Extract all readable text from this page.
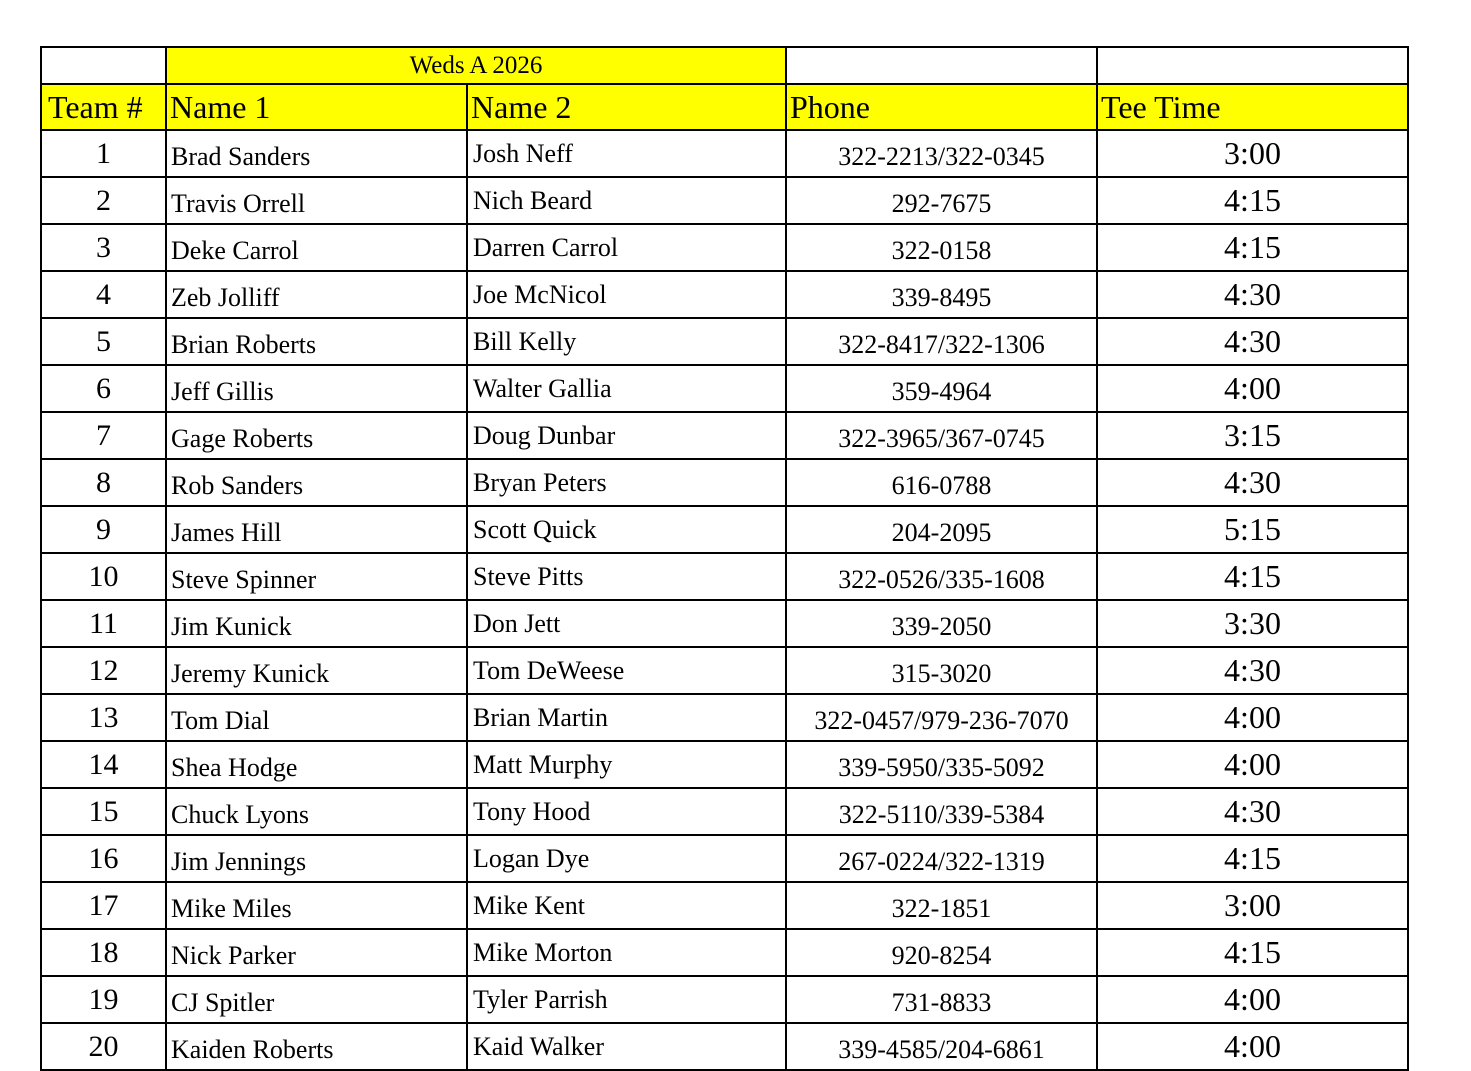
	Weds A 2026			
Team #	Name 1	Name 2	Phone	Tee Time
1	Brad Sanders	Josh Neff	322-2213/322-0345	3:00
2	Travis Orrell	Nich Beard	292-7675	4:15
3	Deke Carrol	Darren Carrol	322-0158	4:15
4	Zeb Jolliff	Joe McNicol	339-8495	4:30
5	Brian Roberts	Bill Kelly	322-8417/322-1306	4:30
6	Jeff Gillis	Walter Gallia	359-4964	4:00
7	Gage Roberts	Doug Dunbar	322-3965/367-0745	3:15
8	Rob Sanders	Bryan Peters	616-0788	4:30
9	James Hill	Scott Quick	204-2095	5:15
10	Steve Spinner	Steve Pitts	322-0526/335-1608	4:15
11	Jim Kunick	Don Jett	339-2050	3:30
12	Jeremy Kunick	Tom DeWeese	315-3020	4:30
13	Tom Dial	Brian Martin	322-0457/979-236-7070	4:00
14	Shea Hodge	Matt Murphy	339-5950/335-5092	4:00
15	Chuck Lyons	Tony Hood	322-5110/339-5384	4:30
16	Jim Jennings	Logan Dye	267-0224/322-1319	4:15
17	Mike Miles	Mike Kent	322-1851	3:00
18	Nick Parker	Mike Morton	920-8254	4:15
19	CJ Spitler	Tyler Parrish	731-8833	4:00
20	Kaiden Roberts	Kaid Walker	339-4585/204-6861	4:00
